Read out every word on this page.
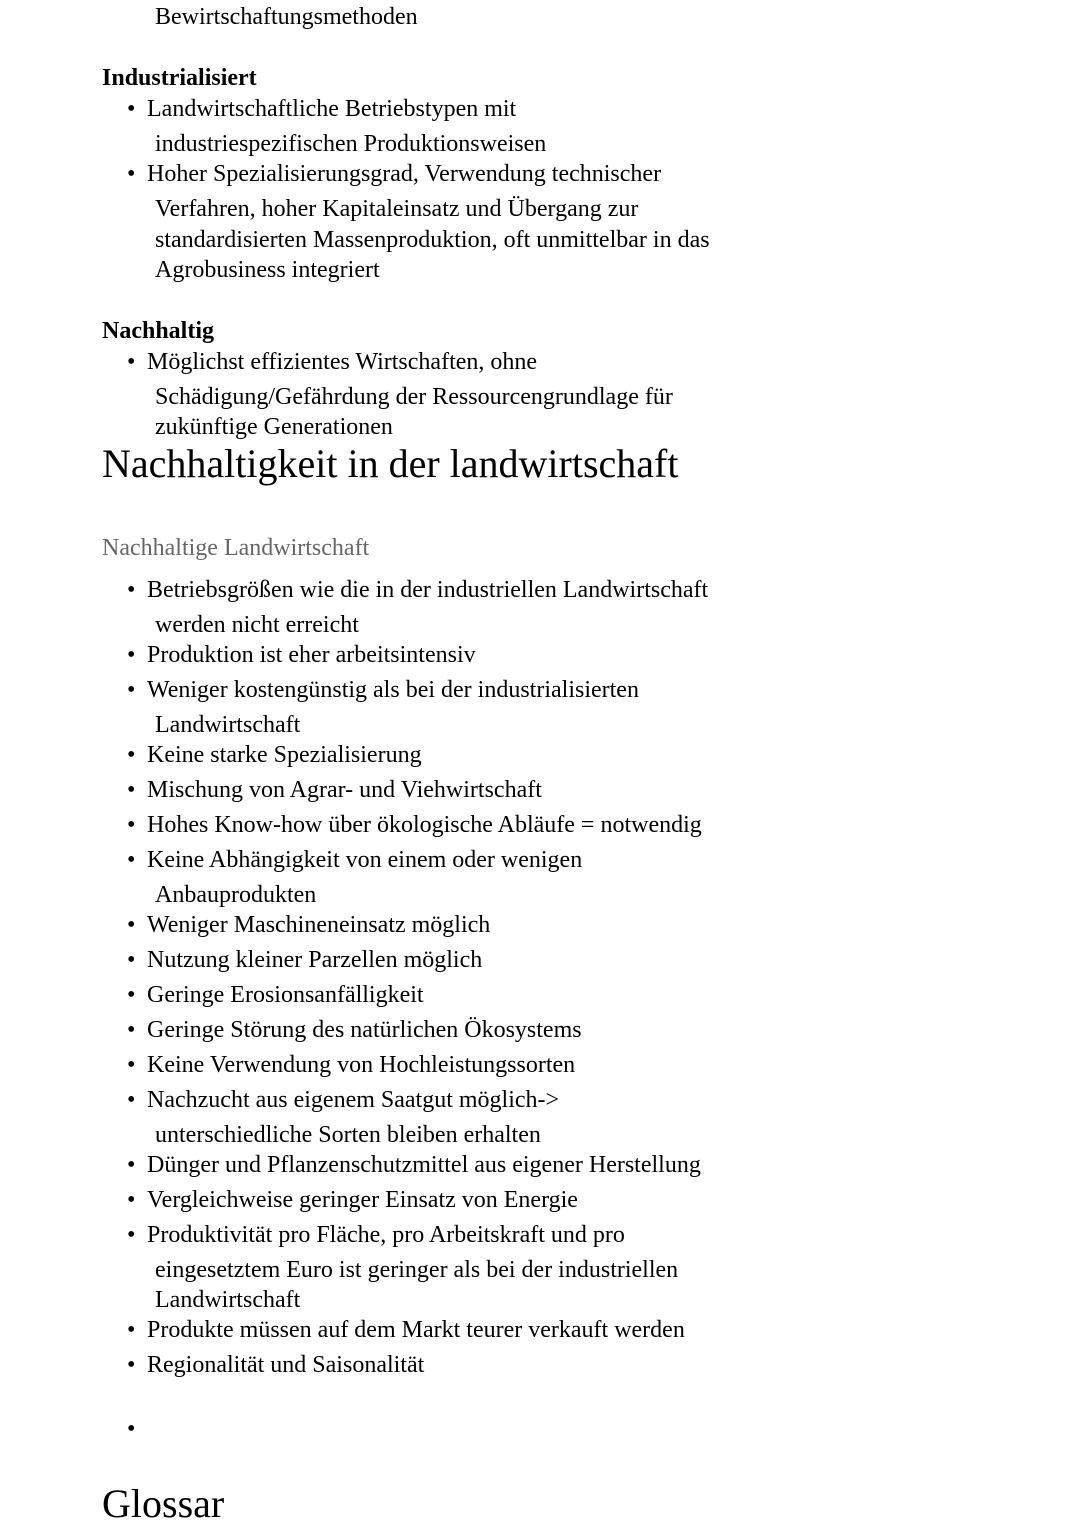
Bewirtschaftungsmethoden
Industrialisiert
• Landwirtschaftliche Betriebstypen mit
industriespezifischen Produktionsweisen
• Hoher Spezialisierungsgrad, Verwendung technischer
Verfahren, hoher Kapitaleinsatz und Übergang zur
standardisierten Massenproduktion, oft unmittelbar in das
Agrobusiness integriert
Nachhaltig
• Möglichst effizientes Wirtschaften, ohne
Schädigung/Gefährdung der Ressourcengrundlage für
zukünftige Generationen
Nachhaltigkeit in der landwirtschaft
Nachhaltige Landwirtschaft
• Betriebsgrößen wie die in der industriellen Landwirtschaft
werden nicht erreicht
• Produktion ist eher arbeitsintensiv
• Weniger kostengünstig als bei der industrialisierten
Landwirtschaft
• Keine starke Spezialisierung
• Mischung von Agrar- und Viehwirtschaft
• Hohes Know-how über ökologische Abläufe = notwendig
• Keine Abhängigkeit von einem oder wenigen
Anbauprodukten
• Weniger Maschineneinsatz möglich
• Nutzung kleiner Parzellen möglich
• Geringe Erosionsanfälligkeit
• Geringe Störung des natürlichen Ökosystems
• Keine Verwendung von Hochleistungssorten
• Nachzucht aus eigenem Saatgut möglich->
unterschiedliche Sorten bleiben erhalten
• Dünger und Pflanzenschutzmittel aus eigener Herstellung
• Vergleichweise geringer Einsatz von Energie
• Produktivität pro Fläche, pro Arbeitskraft und pro
eingesetztem Euro ist geringer als bei der industriellen
Landwirtschaft
• Produkte müssen auf dem Markt teurer verkauft werden
• Regionalität und Saisonalität
•
Glossar
